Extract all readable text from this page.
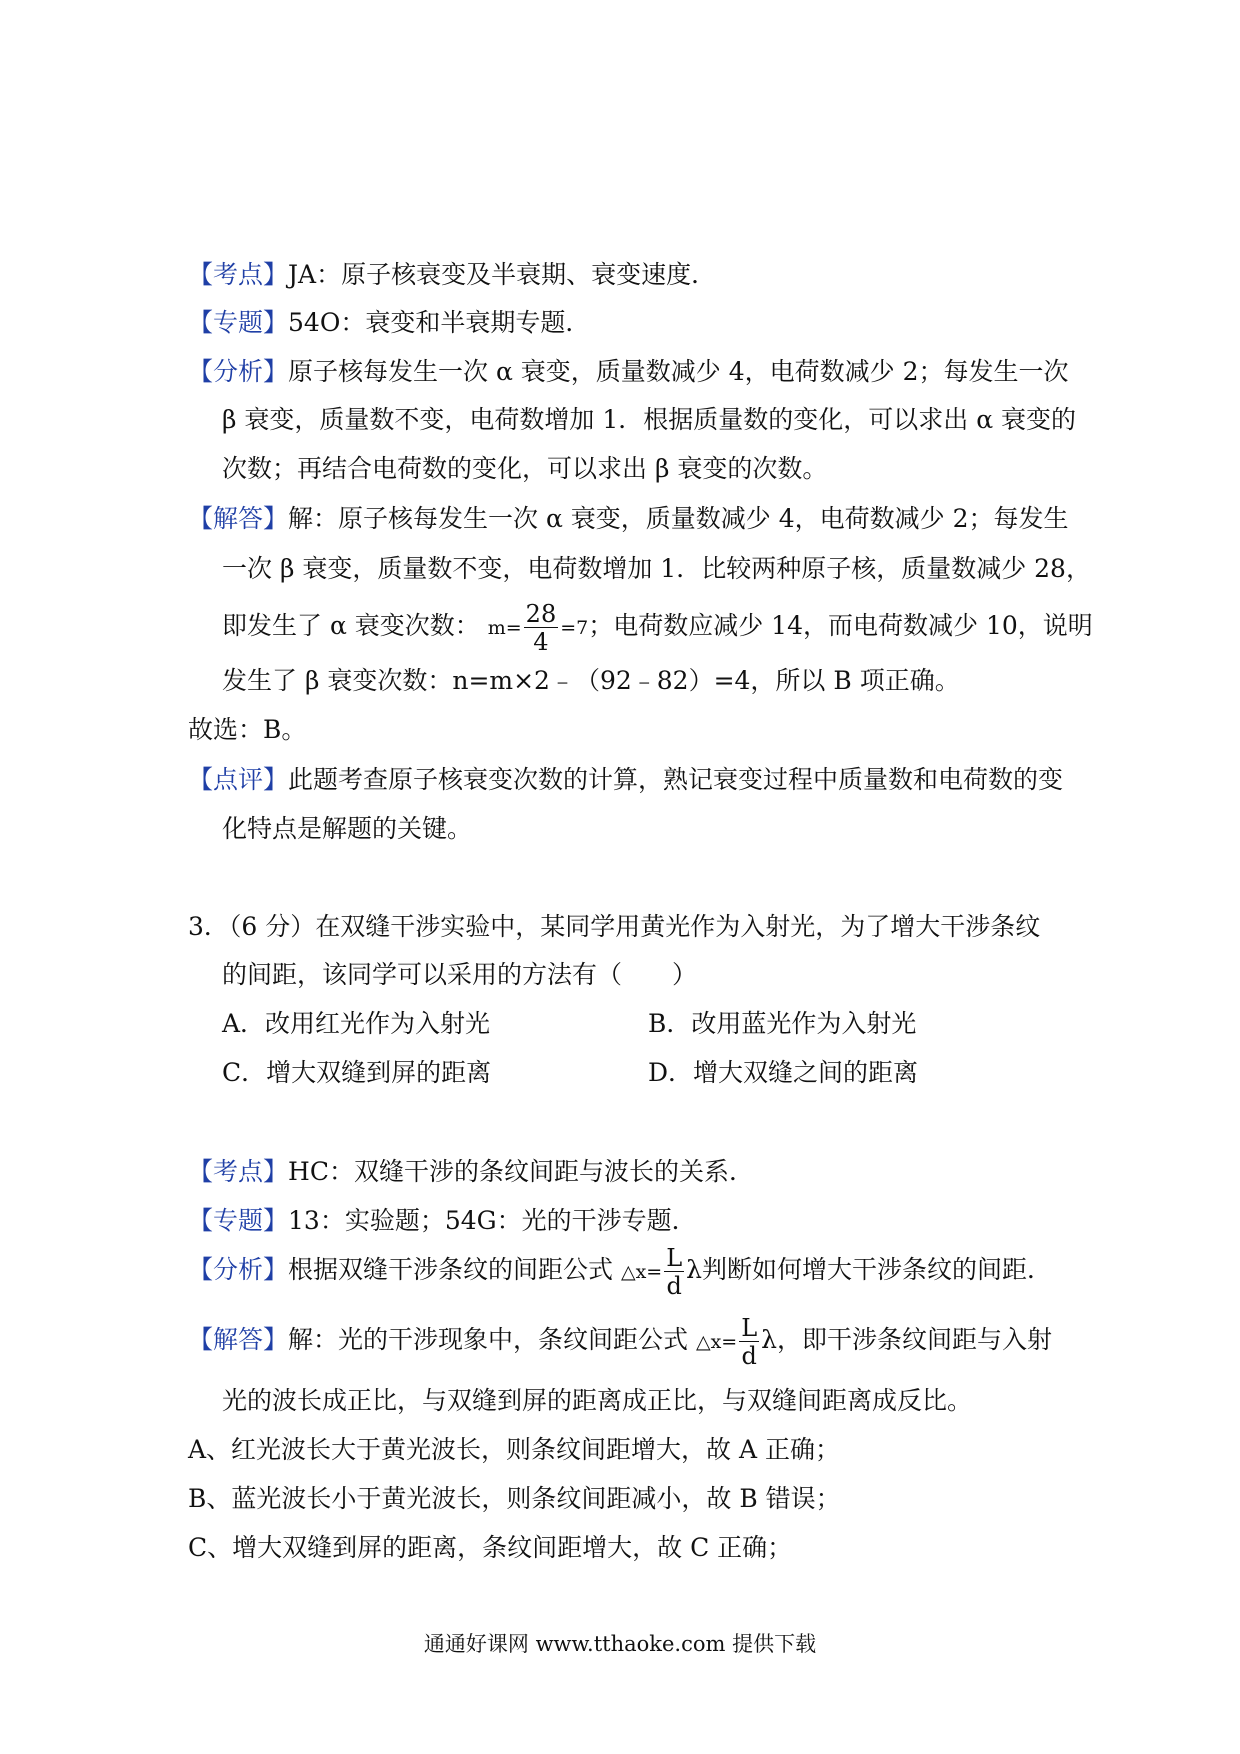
【考点】JA：原子核衰变及半衰期、衰变速度．
【专题】54O：衰变和半衰期专题．
【分析】原子核每发生一次 α 衰变，质量数减少 4，电荷数减少 2；每发生一次
β 衰变，质量数不变，电荷数增加 1．根据质量数的变化，可以求出 α 衰变的
次数；再结合电荷数的变化，可以求出 β 衰变的次数。
【解答】解：原子核每发生一次 α 衰变，质量数减少 4，电荷数减少 2；每发生
一次 β 衰变，质量数不变，电荷数增加 1．比较两种原子核，质量数减少 28，
即发生了 α 衰变次数： $m= \frac{28}{4} =7$；电荷数应减少 14，而电荷数减少 10，说明
发生了 β 衰变次数：n=m×2﹣（92﹣82）=4，所以 B 项正确。
故选：B。
【点评】此题考查原子核衰变次数的计算，熟记衰变过程中质量数和电荷数的变
化特点是解题的关键。
3．（6 分）在双缝干涉实验中，某同学用黄光作为入射光，为了增大干涉条纹
的间距，该同学可以采用的方法有（　　）
A．改用红光作为入射光	B．改用蓝光作为入射光
C．增大双缝到屏的距离	D．增大双缝之间的距离
【考点】HC：双缝干涉的条纹间距与波长的关系．
【专题】13：实验题；54G：光的干涉专题．
【分析】根据双缝干涉条纹的间距公式 △x= $\frac{L}{d}$ λ判断如何增大干涉条纹的间距．
【解答】解：光的干涉现象中，条纹间距公式 △x= $\frac{L}{d}$ λ，即干涉条纹间距与入射
光的波长成正比，与双缝到屏的距离成正比，与双缝间距离成反比。
A、红光波长大于黄光波长，则条纹间距增大，故 A 正确；
B、蓝光波长小于黄光波长，则条纹间距减小，故 B 错误；
C、增大双缝到屏的距离，条纹间距增大，故 C 正确；
通通好课网 www.tthaoke.com 提供下载
